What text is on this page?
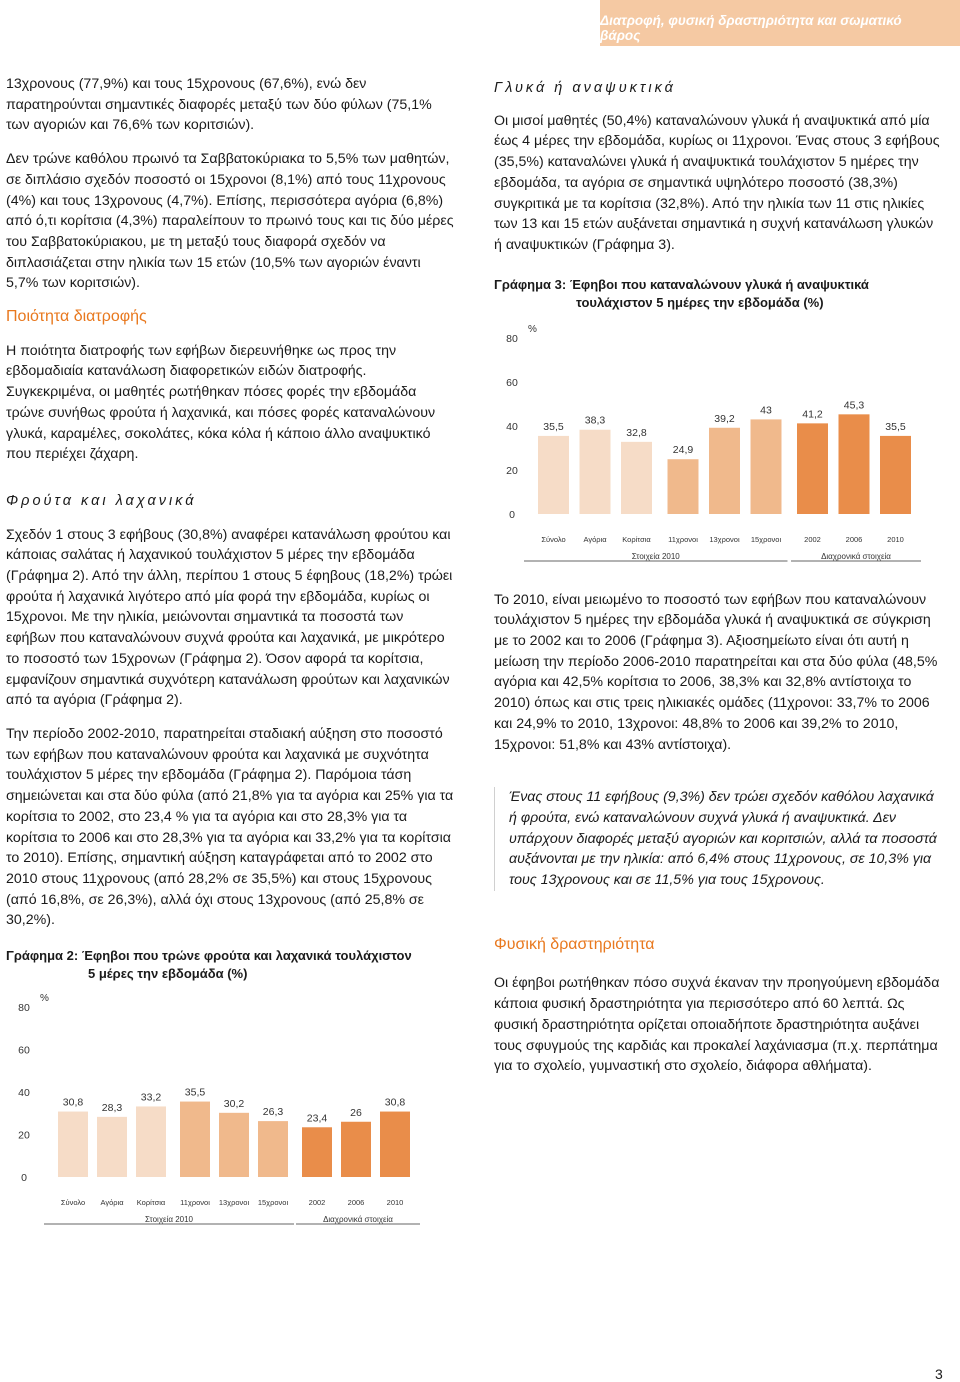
Διατροφή, φυσική δραστηριότητα και σωματικό βάρος

13χρονους (77,9%) και τους 15χρονους (67,6%), ενώ δεν παρατηρούνται σημαντικές διαφορές μεταξύ των δύο φύλων (75,1% των αγοριών και 76,6% των κοριτσιών).

Δεν τρώνε καθόλου πρωινό τα Σαββατοκύριακα το 5,5% των μαθητών, σε διπλάσιο σχεδόν ποσοστό οι 15χρονοι (8,1%) από τους 11χρονους (4%) και τους 13χρονους (4,7%). Επίσης, περισσότερα αγόρια (6,8%) από ό,τι κορίτσια (4,3%) παραλείπουν το πρωινό τους και τις δύο μέρες του Σαββατοκύριακου, με τη μεταξύ τους διαφορά σχεδόν να διπλασιάζεται στην ηλικία των 15 ετών (10,5% των αγοριών έναντι 5,7% των κοριτσιών).

Ποιότητα διατροφής

Η ποιότητα διατροφής των εφήβων διερευνήθηκε ως προς την εβδομαδιαία κατανάλωση διαφορετικών ειδών διατροφής. Συγκεκριμένα, οι μαθητές ρωτήθηκαν πόσες φορές την εβδομάδα τρώνε συνήθως φρούτα ή λαχανικά, και πόσες φορές καταναλώνουν γλυκά, καραμέλες, σοκολάτες, κόκα κόλα ή κάποιο άλλο αναψυκτικό που περιέχει ζάχαρη.

Φρούτα και λαχανικά

Σχεδόν 1 στους 3 εφήβους (30,8%) αναφέρει κατανάλωση φρούτου και κάποιας σαλάτας ή λαχανικού τουλάχιστον 5 μέρες την εβδομάδα (Γράφημα 2). Από την άλλη, περίπου 1 στους 5 έφηβους (18,2%) τρώει φρούτα ή λαχανικά λιγότερο από μία φορά την εβδομάδα, κυρίως οι 15χρονοι. Με την ηλικία, μειώνονται σημαντικά τα ποσοστά των εφήβων που καταναλώνουν συχνά φρούτα και λαχανικά, με μικρότερο το ποσοστό των 15χρονων (Γράφημα 2). Όσον αφορά τα κορίτσια, εμφανίζουν σημαντικά συχνότερη κατανάλωση φρούτων και λαχανικών από τα αγόρια (Γράφημα 2).

Την περίοδο 2002-2010, παρατηρείται σταδιακή αύξηση στο ποσοστό των εφήβων που καταναλώνουν φρούτα και λαχανικά με συχνότητα τουλάχιστον 5 μέρες την εβδομάδα (Γράφημα 2). Παρόμοια τάση σημειώνεται και στα δύο φύλα (από 21,8% για τα αγόρια και 25% για τα κορίτσια το 2002, στο 23,4 % για τα αγόρια και στο 28,3% για τα κορίτσια το 2006 και στο 28,3% για τα αγόρια και 33,2% για τα κορίτσια το 2010). Επίσης, σημαντική αύξηση καταγράφεται από το 2002 στο 2010 στους 11χρονους (από 28,2% σε 35,5%) και στους 15χρονους (από 16,8%, σε 26,3%), αλλά όχι στους 13χρονους (από 25,8% σε 30,2%).

Γράφημα 2: Έφηβοι που τρώνε φρούτα και λαχανικά τουλάχιστον
5 μέρες την εβδομάδα (%)
80
60
40
20
0
%
30,8 28,3
33,2 35,5
30,2
26,3
23,4 26
30,8
Σύνολο Αγόρια Κορίτσια 11χρονοι 13χρονοι 15χρονοι	2002	2006	2010
Στοιχεία 2010	Διαχρονικά στοιχεία
Γλυκά ή αναψυκτικά

Οι μισοί μαθητές (50,4%) καταναλώνουν γλυκά ή αναψυκτικά από μία έως 4 μέρες την εβδομάδα, κυρίως οι 11χρονοι. Ένας στους 3 εφήβους (35,5%) καταναλώνει γλυκά ή αναψυκτικά τουλάχιστον 5 ημέρες την εβδομάδα, τα αγόρια σε σημαντικά υψηλότερο ποσοστό (38,3%) συγκριτικά με τα κορίτσια (32,8%). Από την ηλικία των 11 στις ηλικίες των 13 και 15 ετών αυξάνεται σημαντικά η συχνή κατανάλωση γλυκών ή αναψυκτικών (Γράφημα 3).

Γράφημα 3: Έφηβοι που καταναλώνουν γλυκά ή αναψυκτικά
τουλάχιστον 5 ημέρες την εβδομάδα (%)
80
60
40
20
0
%
35,5
38,3
32,8
24,9
39,2
43	41,2
45,3
35,5
Σύνολο Αγόρια Κορίτσια 11χρονοι 13χρονοι 15χρονοι	2002	2006	2010
Στοιχεία 2010	Διαχρονικά στοιχεία

Το 2010, είναι μειωμένο το ποσοστό των εφήβων που καταναλώνουν τουλάχιστον 5 ημέρες την εβδομάδα γλυκά ή αναψυκτικά σε σύγκριση με το 2002 και το 2006 (Γράφημα 3). Αξιοσημείωτο είναι ότι αυτή η μείωση την περίοδο 2006-2010 παρατηρείται και στα δύο φύλα (48,5% αγόρια και 42,5% κορίτσια το 2006, 38,3% και 32,8% αντίστοιχα το 2010) όπως και στις τρεις ηλικιακές ομάδες (11χρονοι: 33,7% το 2006 και 24,9% το 2010, 13χρονοι: 48,8% το 2006 και 39,2% το 2010, 15χρονοι: 51,8% και 43% αντίστοιχα).

Ένας στους 11 εφήβους (9,3%) δεν τρώει σχεδόν καθόλου λαχανικά ή φρούτα, ενώ καταναλώνουν συχνά γλυκά ή αναψυκτικά. Δεν υπάρχουν διαφορές μεταξύ αγοριών και κοριτσιών, αλλά τα ποσοστά αυξάνονται με την ηλικία: από 6,4% στους 11χρονους, σε 10,3% για τους 13χρονους και σε 11,5% για τους 15χρονους.
Φυσική δραστηριότητα

Οι έφηβοι ρωτήθηκαν πόσο συχνά έκαναν την προηγούμενη εβδομάδα κάποια φυσική δραστηριότητα για περισσότερο από 60 λεπτά. Ως φυσική δραστηριότητα ορίζεται οποιαδήποτε δραστηριότητα αυξάνει τους σφυγμούς της καρδιάς και προκαλεί λαχάνιασμα (π.χ. περπάτημα για το σχολείο, γυμναστική στο σχολείο, διάφορα αθλήματα).

3
